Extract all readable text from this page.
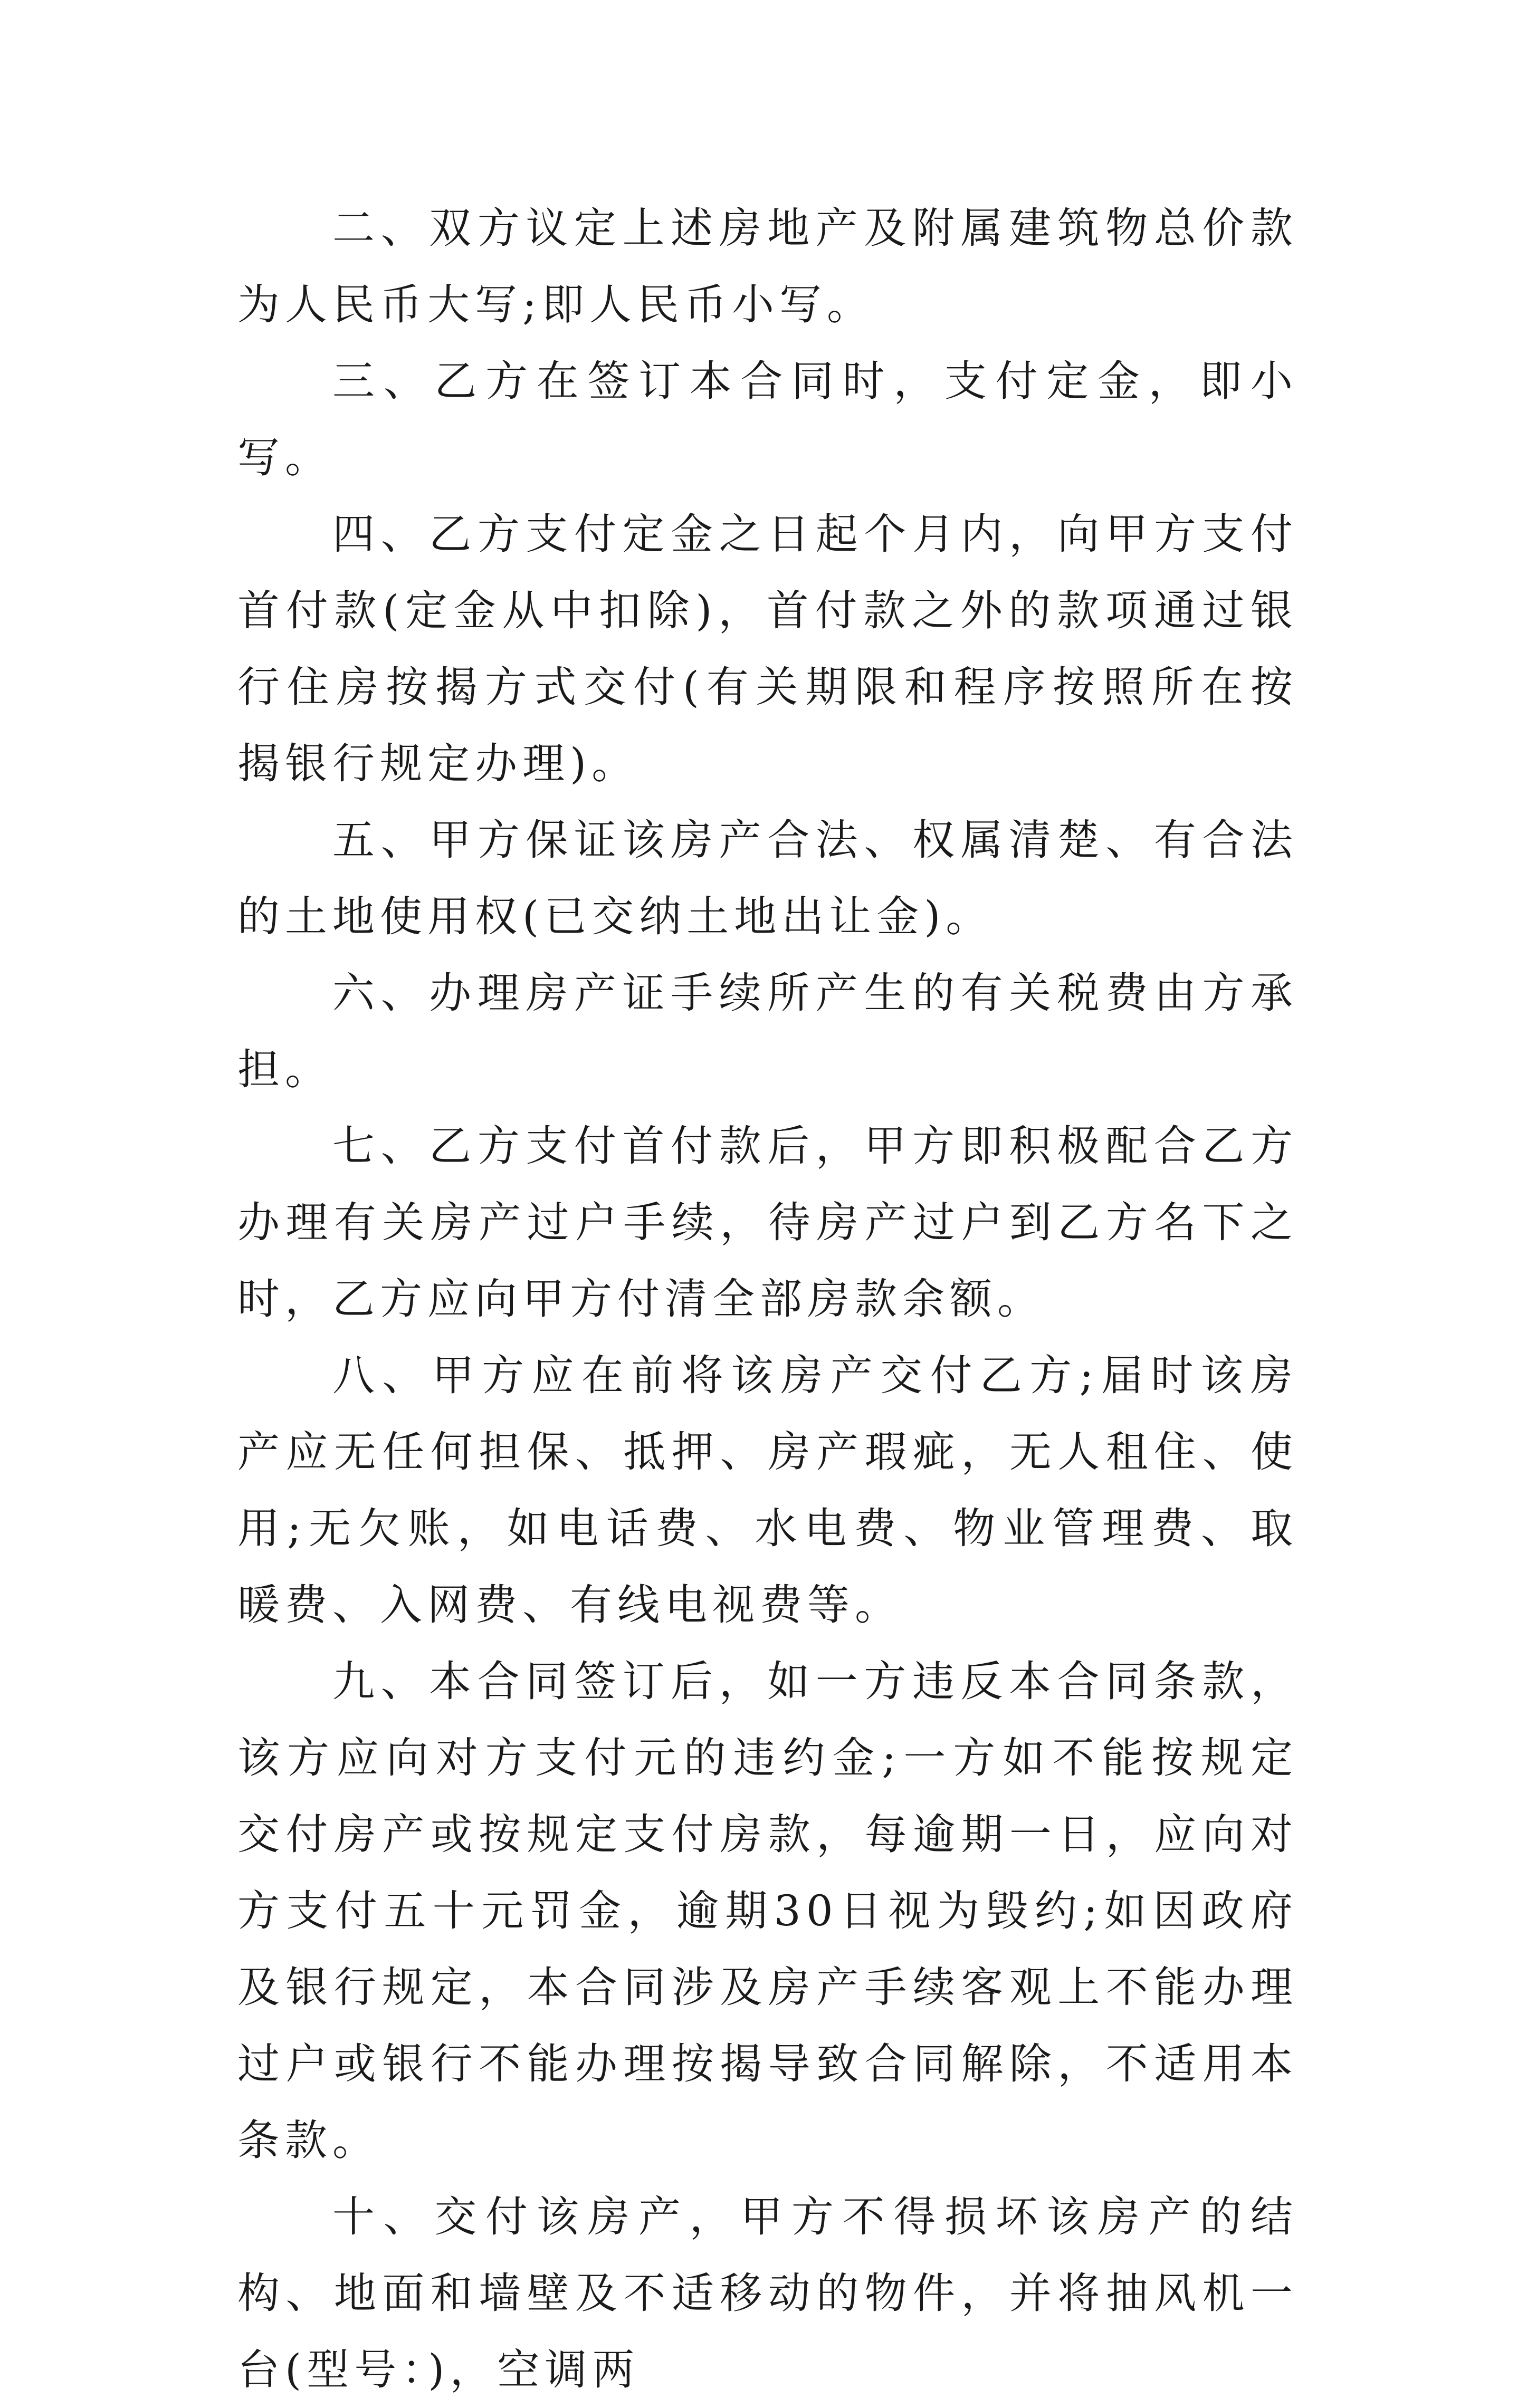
二、双方议定上述房地产及附属建筑物总价款为人民币大写;即人民币小写。

三、乙方在签订本合同时，支付定金，即小写。

四、乙方支付定金之日起个月内，向甲方支付首付款(定金从中扣除)，首付款之外的款项通过银行住房按揭方式交付(有关期限和程序按照所在按揭银行规定办理)。

五、甲方保证该房产合法、权属清楚、有合法的土地使用权(已交纳土地出让金)。

六、办理房产证手续所产生的有关税费由方承担。

七、乙方支付首付款后，甲方即积极配合乙方办理有关房产过户手续，待房产过户到乙方名下之时，乙方应向甲方付清全部房款余额。

八、甲方应在前将该房产交付乙方;届时该房产应无任何担保、抵押、房产瑕疵，无人租住、使用;无欠账，如电话费、水电费、物业管理费、取暖费、入网费、有线电视费等。

九、本合同签订后，如一方违反本合同条款，该方应向对方支付元的违约金;一方如不能按规定交付房产或按规定支付房款，每逾期一日，应向对方支付五十元罚金，逾期30日视为毁约;如因政府及银行规定，本合同涉及房产手续客观上不能办理过户或银行不能办理按揭导致合同解除，不适用本条款。

十、交付该房产，甲方不得损坏该房产的结构、地面和墙壁及不适移动的物件，并将抽风机一台(型号：)，空调两
